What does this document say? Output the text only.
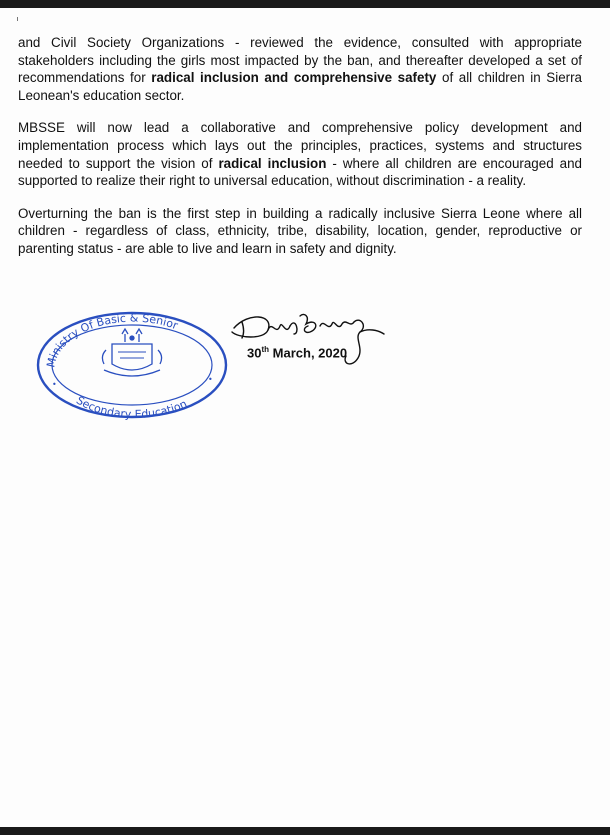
and Civil Society Organizations - reviewed the evidence, consulted with appropriate stakeholders including the girls most impacted by the ban, and thereafter developed a set of recommendations for radical inclusion and comprehensive safety of all children in Sierra Leonean's education sector.

MBSSE will now lead a collaborative and comprehensive policy development and implementation process which lays out the principles, practices, systems and structures needed to support the vision of radical inclusion - where all children are encouraged and supported to realize their right to universal education, without discrimination - a reality.

Overturning the ban is the first step in building a radically inclusive Sierra Leone where all children - regardless of class, ethnicity, tribe, disability, location, gender, reproductive or parenting status - are able to live and learn in safety and dignity.

Ministry Of Basic & Senior
Secondary Education
•
•
30th March, 2020
